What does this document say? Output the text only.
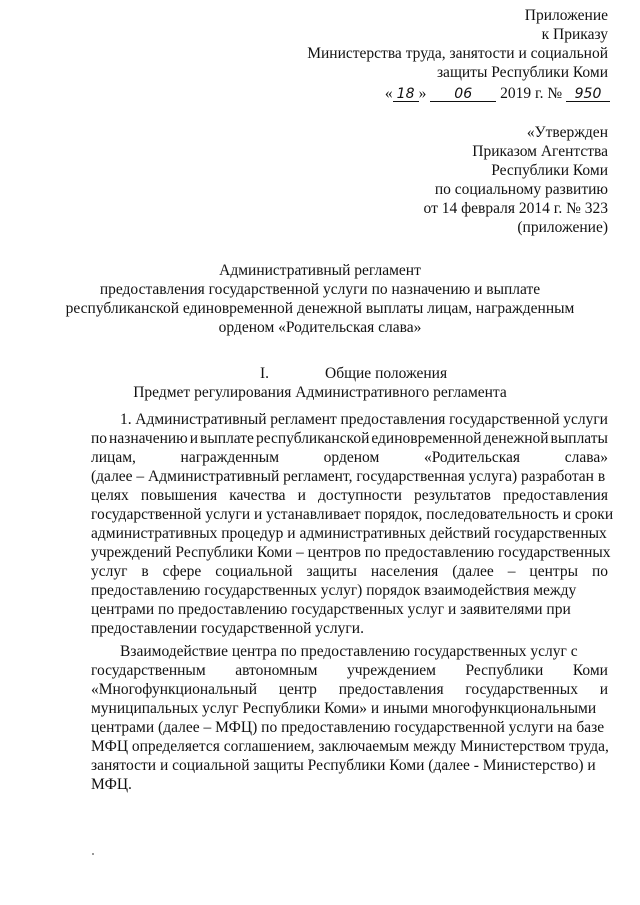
Приложение
к Приказу
Министерства труда, занятости и социальной
защиты Республики Коми
« 18 » 06 2019 г. № 950
«Утвержден
Приказом Агентства
Республики Коми
по социальному развитию
от 14 февраля 2014 г. № 323
(приложение)
Административный регламент
предоставления государственной услуги по назначению и выплате
республиканской единовременной денежной выплаты лицам, награжденным
орденом «Родительская слава»
I.	Общие положения
Предмет регулирования Административного регламента
1. Административный регламент предоставления государственной услуги
по назначению и выплате республиканской единовременной денежной выплаты
лицам,	награжденным	орденом	«Родительская	слава»
(далее – Административный регламент, государственная услуга) разработан в
целях повышения качества и доступности результатов предоставления
государственной услуги и устанавливает порядок, последовательность и сроки
административных процедур и административных действий государственных
учреждений Республики Коми – центров по предоставлению государственных
услуг в сфере социальной защиты населения (далее – центры по
предоставлению государственных услуг) порядок взаимодействия между
центрами по предоставлению государственных услуг и заявителями при
предоставлении государственной услуги.
Взаимодействие центра по предоставлению государственных услуг с
государственным автономным учреждением Республики Коми
«Многофункциональный центр предоставления государственных и
муниципальных услуг Республики Коми» и иными многофункциональными
центрами (далее – МФЦ) по предоставлению государственной услуги на базе
МФЦ определяется соглашением, заключаемым между Министерством труда,
занятости и социальной защиты Республики Коми (далее - Министерство) и
МФЦ.
